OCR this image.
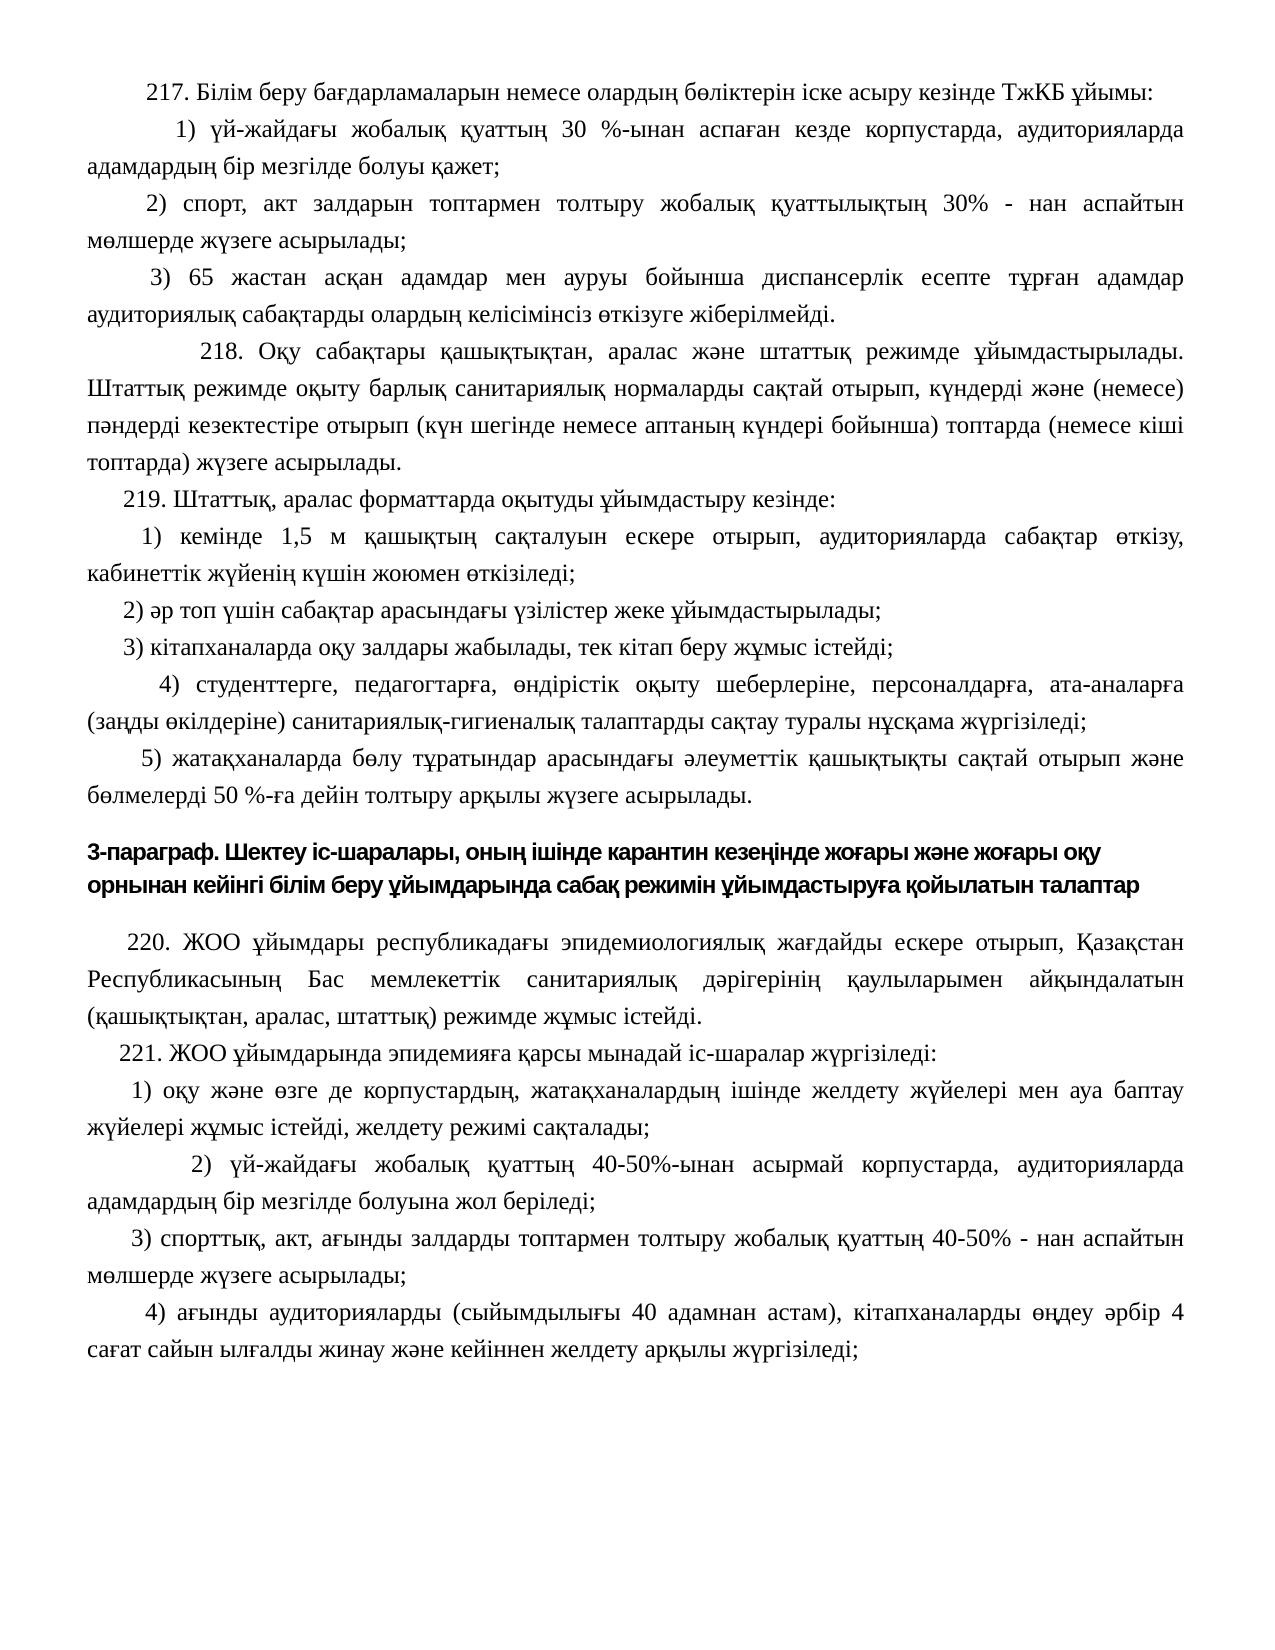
217. Білім беру бағдарламаларын немесе олардың бөліктерін іске асыру кезінде ТжКБ ұйымы:

1) үй-жайдағы жобалық қуаттың 30 %-ынан аспаған кезде корпустарда, аудиторияларда адамдардың бір мезгілде болуы қажет;

2) спорт, акт залдарын топтармен толтыру жобалық қуаттылықтың 30% - нан аспайтын мөлшерде жүзеге асырылады;

3) 65 жастан асқан адамдар мен ауруы бойынша диспансерлік есепте тұрған адамдар аудиториялық сабақтарды олардың келісімінсіз өткізуге жіберілмейді.

218. Оқу сабақтары қашықтықтан, аралас және штаттық режимде ұйымдастырылады. Штаттық режимде оқыту барлық санитариялық нормаларды сақтай отырып, күндерді және (немесе) пәндерді кезектестіре отырып (күн шегінде немесе аптаның күндері бойынша) топтарда (немесе кіші топтарда) жүзеге асырылады.

219. Штаттық, аралас форматтарда оқытуды ұйымдастыру кезінде:

1) кемінде 1,5 м қашықтың сақталуын ескере отырып, аудиторияларда сабақтар өткізу, кабинеттік жүйенің күшін жоюмен өткізіледі;

2) әр топ үшін сабақтар арасындағы үзілістер жеке ұйымдастырылады;

3) кітапханаларда оқу залдары жабылады, тек кітап беру жұмыс істейді;

4) студенттерге, педагогтарға, өндірістік оқыту шеберлеріне, персоналдарға, ата-аналарға (заңды өкілдеріне) санитариялық-гигиеналық талаптарды сақтау туралы нұсқама жүргізіледі;

5) жатақханаларда бөлу тұратындар арасындағы әлеуметтік қашықтықты сақтай отырып және бөлмелерді 50 %-ға дейін толтыру арқылы жүзеге асырылады.

3-параграф. Шектеу іс-шаралары, оның ішінде карантин кезеңінде жоғары және жоғары оқу орнынан кейінгі білім беру ұйымдарында сабақ режимін ұйымдастыруға қойылатын талаптар

220. ЖОО ұйымдары республикадағы эпидемиологиялық жағдайды ескере отырып, Қазақстан Республикасының Бас мемлекеттік санитариялық дәрігерінің қаулыларымен айқындалатын (қашықтықтан, аралас, штаттық) режимде жұмыс істейді.

221. ЖОО ұйымдарында эпидемияға қарсы мынадай іс-шаралар жүргізіледі:

1) оқу және өзге де корпустардың, жатақханалардың ішінде желдету жүйелері мен ауа баптау жүйелері жұмыс істейді, желдету режимі сақталады;

2) үй-жайдағы жобалық қуаттың 40-50%-ынан асырмай корпустарда, аудиторияларда адамдардың бір мезгілде болуына жол беріледі;

3) спорттық, акт, ағынды залдарды топтармен толтыру жобалық қуаттың 40-50% - нан аспайтын мөлшерде жүзеге асырылады;

4) ағынды аудиторияларды (сыйымдылығы 40 адамнан астам), кітапханаларды өңдеу әрбір 4 сағат сайын ылғалды жинау және кейіннен желдету арқылы жүргізіледі;
